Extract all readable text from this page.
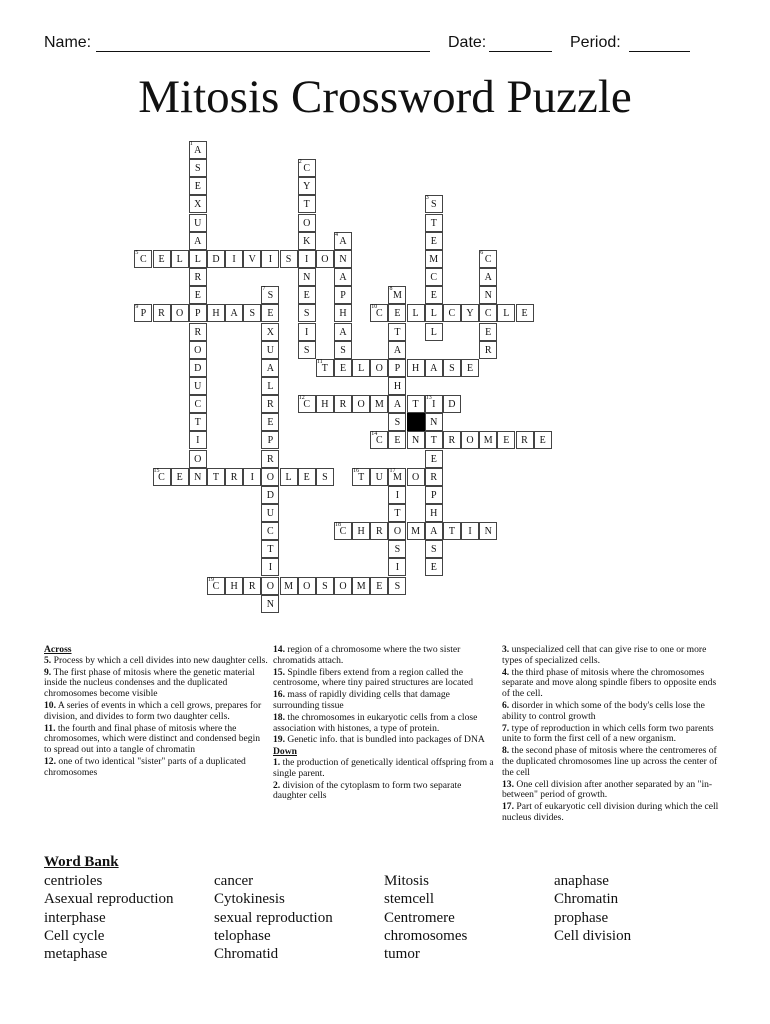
Name:	Date:	Period:
Mitosis Crossword Puzzle
A
1
S
E
X
U
A
L
R
E
P
R
O
D
U
C
T
I
O
N
C
2
Y
T
O
K
I
N
E
S
I
S
S
3
T
E
M
C
E
L
L
A
4
N
A
P
H
A
S
E
C
5
E	L	D	I	V	I	S	O	C
6
A
N
C
E
R
S
7
E
X
U
A
L
R
E
P
R
O
D
U
C
T
I
O
N
M
8
E
T
A
P
H
A
S
E
P
9
R	O	H	A	S	C
10
L	C	Y	L	E
T
11
L	O	H	A	S	E
C
12
H	R	O	M	T	I
13
D
N
T
E
R
P
H
A
S
E
C
14
N	R	O	M	E	R	E
C
15
E	T	R	I	L	E	S	T
16
U	M
17
O
I
T
O
S
I
S
C
18
H	R	M	T	I	N
C
19
H	R	M	O	S	O	M	E
Across
5. Process by which a cell divides into new daughter cells.
9. The first phase of mitosis where the genetic material inside the nucleus condenses and the duplicated chromosomes become visible
10. A series of events in which a cell grows, prepares for division, and divides to form two daughter cells.
11. the fourth and final phase of mitosis where the chromosomes, which were distinct and condensed begin to spread out into a tangle of chromatin
12. one of two identical "sister" parts of a duplicated chromosomes
14. region of a chromosome where the two sister chromatids attach.
15. Spindle fibers extend from a region called the centrosome, where tiny paired structures are located
16. mass of rapidly dividing cells that damage surrounding tissue
18. the chromosomes in eukaryotic cells from a close association with histones, a type of protein.
19. Genetic info. that is bundled into packages of DNA
Down
1. the production of genetically identical offspring from a single parent.
2. division of the cytoplasm to form two separate daughter cells
3. unspecialized cell that can give rise to one or more types of specialized cells.
4. the third phase of mitosis where the chromosomes separate and move along spindle fibers to opposite ends of the cell.
6. disorder in which some of the body's cells lose the ability to control growth
7. type of reproduction in which cells form two parents unite to form the first cell of a new organism.
8. the second phase of mitosis where the centromeres of the duplicated chromosomes line up across the center of the cell
13. One cell division after another separated by an "in-between" period of growth.
17. Part of eukaryotic cell division during which the cell nucleus divides.
Word Bank
centrioles
Asexual reproduction
interphase
Cell cycle
metaphase
cancer
Cytokinesis
sexual reproduction
telophase
Chromatid
Mitosis
stemcell
Centromere
chromosomes
tumor
anaphase
Chromatin
prophase
Cell division
